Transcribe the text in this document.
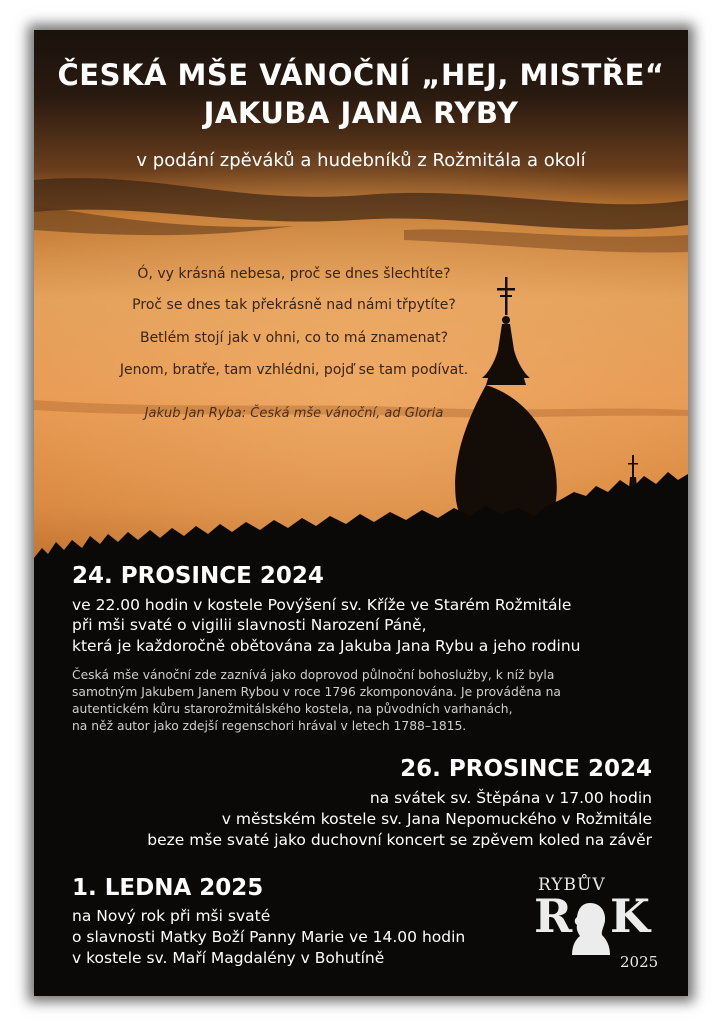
ČESKÁ MŠE VÁNOČNÍ „HEJ, MISTŘE“
JAKUBA JANA RYBY
v podání zpěváků a hudebníků z Rožmitála a okolí
Ó, vy krásná nebesa, proč se dnes šlechtíte?
Proč se dnes tak překrásně nad námi třpytíte?
Betlém stojí jak v ohni, co to má znamenat?
Jenom, bratře, tam vzhlédni, pojď se tam podívat.
Jakub Jan Ryba: Česká mše vánoční, ad Gloria
24. PROSINCE 2024
ve 22.00 hodin v kostele Povýšení sv. Kříže ve Starém Rožmitále
při mši svaté o vigilii slavnosti Narození Páně,
která je každoročně obětována za Jakuba Jana Rybu a jeho rodinu
Česká mše vánoční zde zaznívá jako doprovod půlnoční bohoslužby, k níž byla
samotným Jakubem Janem Rybou v roce 1796 zkomponována. Je prováděna na
autentickém kůru starorožmitálského kostela, na původních varhanách,
na něž autor jako zdejší regenschori hrával v letech 1788–1815.
26. PROSINCE 2024
na svátek sv. Štěpána v 17.00 hodin
v městském kostele sv. Jana Nepomuckého v Rožmitále
beze mše svaté jako duchovní koncert se zpěvem koled na závěr
1. LEDNA 2025
na Nový rok při mši svaté
o slavnosti Matky Boží Panny Marie ve 14.00 hodin
v kostele sv. Maří Magdalény v Bohutíně
RYBŮV
R K
2025
